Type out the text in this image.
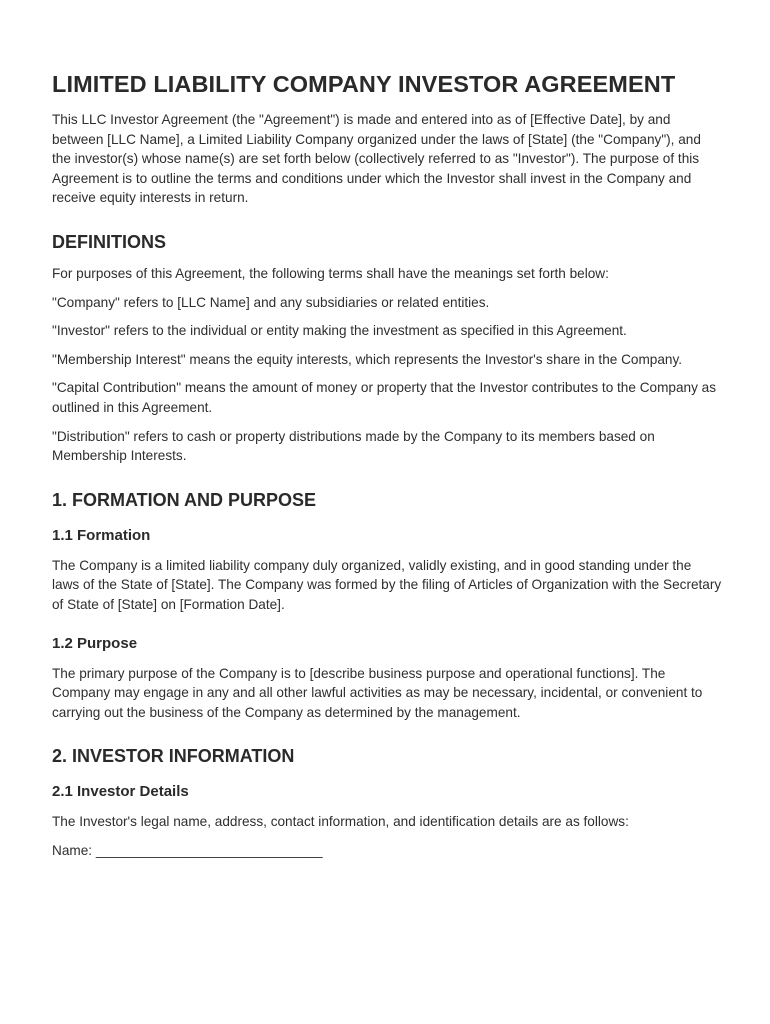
LIMITED LIABILITY COMPANY INVESTOR AGREEMENT

This LLC Investor Agreement (the "Agreement") is made and entered into as of [Effective Date], by and between [LLC Name], a Limited Liability Company organized under the laws of [State] (the "Company"), and the investor(s) whose name(s) are set forth below (collectively referred to as "Investor"). The purpose of this Agreement is to outline the terms and conditions under which the Investor shall invest in the Company and receive equity interests in return.

DEFINITIONS

For purposes of this Agreement, the following terms shall have the meanings set forth below:

"Company" refers to [LLC Name] and any subsidiaries or related entities.

"Investor" refers to the individual or entity making the investment as specified in this Agreement.

"Membership Interest" means the equity interests, which represents the Investor's share in the Company.

"Capital Contribution" means the amount of money or property that the Investor contributes to the Company as outlined in this Agreement.

"Distribution" refers to cash or property distributions made by the Company to its members based on Membership Interests.

1. FORMATION AND PURPOSE
1.1 Formation

The Company is a limited liability company duly organized, validly existing, and in good standing under the laws of the State of [State]. The Company was formed by the filing of Articles of Organization with the Secretary of State of [State] on [Formation Date].

1.2 Purpose

The primary purpose of the Company is to [describe business purpose and operational functions]. The Company may engage in any and all other lawful activities as may be necessary, incidental, or convenient to carrying out the business of the Company as determined by the management.

2. INVESTOR INFORMATION
2.1 Investor Details

The Investor's legal name, address, contact information, and identification details are as follows:

Name: ______________________________
